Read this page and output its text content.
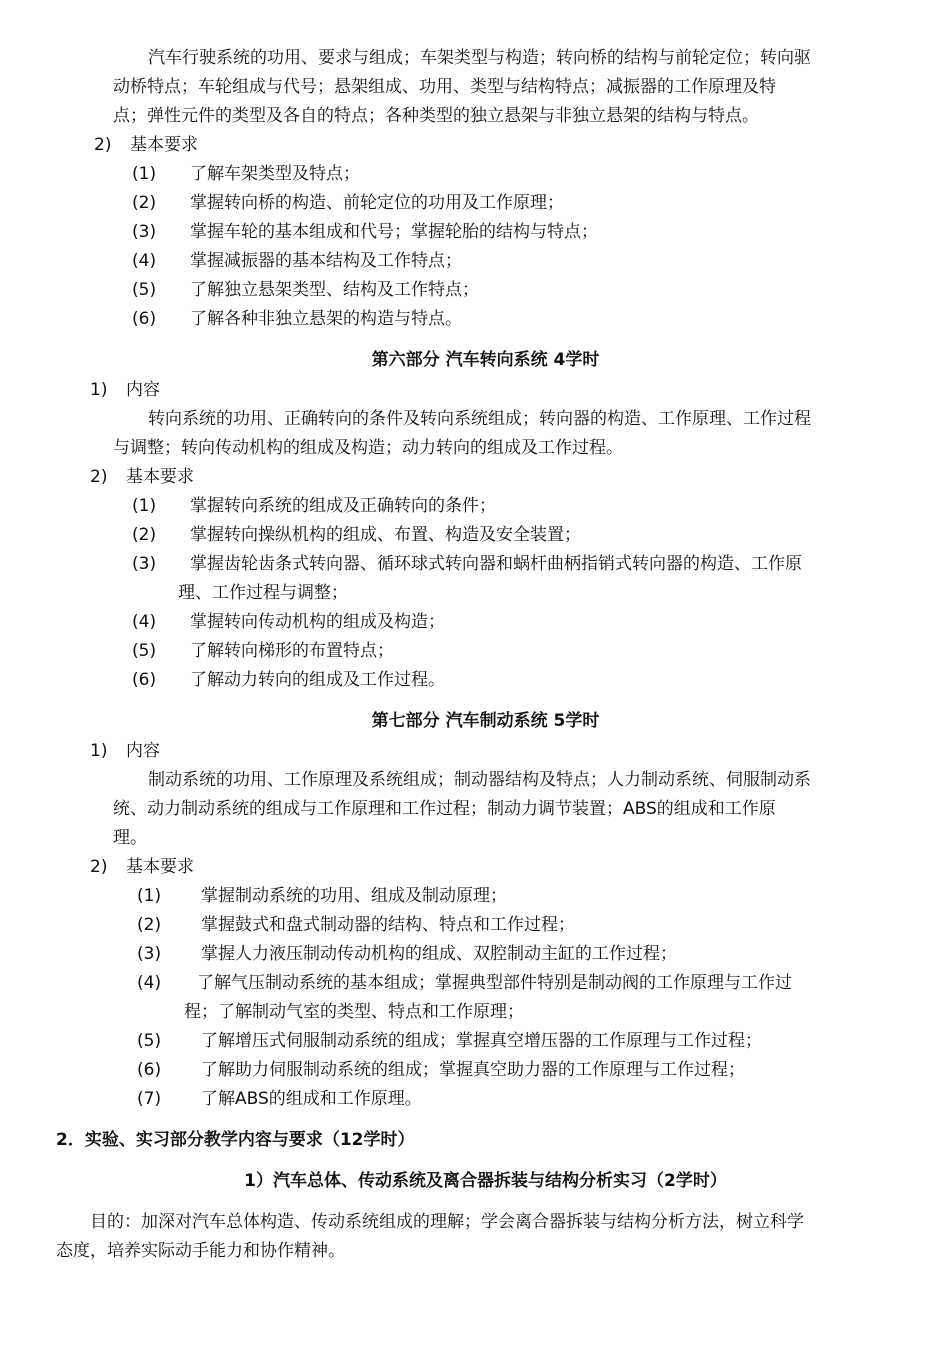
汽车行驶系统的功用、要求与组成；车架类型与构造；转向桥的结构与前轮定位；转向驱
动桥特点；车轮组成与代号；悬架组成、功用、类型与结构特点；减振器的工作原理及特
点；弹性元件的类型及各自的特点；各种类型的独立悬架与非独立悬架的结构与特点。
2) 基本要求
(1) 了解车架类型及特点；
(2) 掌握转向桥的构造、前轮定位的功用及工作原理；
(3) 掌握车轮的基本组成和代号；掌握轮胎的结构与特点；
(4) 掌握减振器的基本结构及工作特点；
(5) 了解独立悬架类型、结构及工作特点；
(6) 了解各种非独立悬架的构造与特点。
第六部分 汽车转向系统 4学时
1) 内容
转向系统的功用、正确转向的条件及转向系统组成；转向器的构造、工作原理、工作过程
与调整；转向传动机构的组成及构造；动力转向的组成及工作过程。
2) 基本要求
(1) 掌握转向系统的组成及正确转向的条件；
(2) 掌握转向操纵机构的组成、布置、构造及安全装置；
(3) 掌握齿轮齿条式转向器、循环球式转向器和蜗杆曲柄指销式转向器的构造、工作原
理、工作过程与调整；
(4) 掌握转向传动机构的组成及构造；
(5) 了解转向梯形的布置特点；
(6) 了解动力转向的组成及工作过程。
第七部分 汽车制动系统 5学时
1) 内容
制动系统的功用、工作原理及系统组成；制动器结构及特点；人力制动系统、伺服制动系
统、动力制动系统的组成与工作原理和工作过程；制动力调节装置；ABS的组成和工作原
理。
2) 基本要求
(1) 掌握制动系统的功用、组成及制动原理；
(2) 掌握鼓式和盘式制动器的结构、特点和工作过程；
(3) 掌握人力液压制动传动机构的组成、双腔制动主缸的工作过程；
(4) 了解气压制动系统的基本组成；掌握典型部件特别是制动阀的工作原理与工作过
程；了解制动气室的类型、特点和工作原理；
(5) 了解增压式伺服制动系统的组成；掌握真空增压器的工作原理与工作过程；
(6) 了解助力伺服制动系统的组成；掌握真空助力器的工作原理与工作过程；
(7) 了解ABS的组成和工作原理。
2．实验、实习部分教学内容与要求（12学时）
1）汽车总体、传动系统及离合器拆装与结构分析实习（2学时）
目的：加深对汽车总体构造、传动系统组成的理解；学会离合器拆装与结构分析方法，树立科学
态度，培养实际动手能力和协作精神。
